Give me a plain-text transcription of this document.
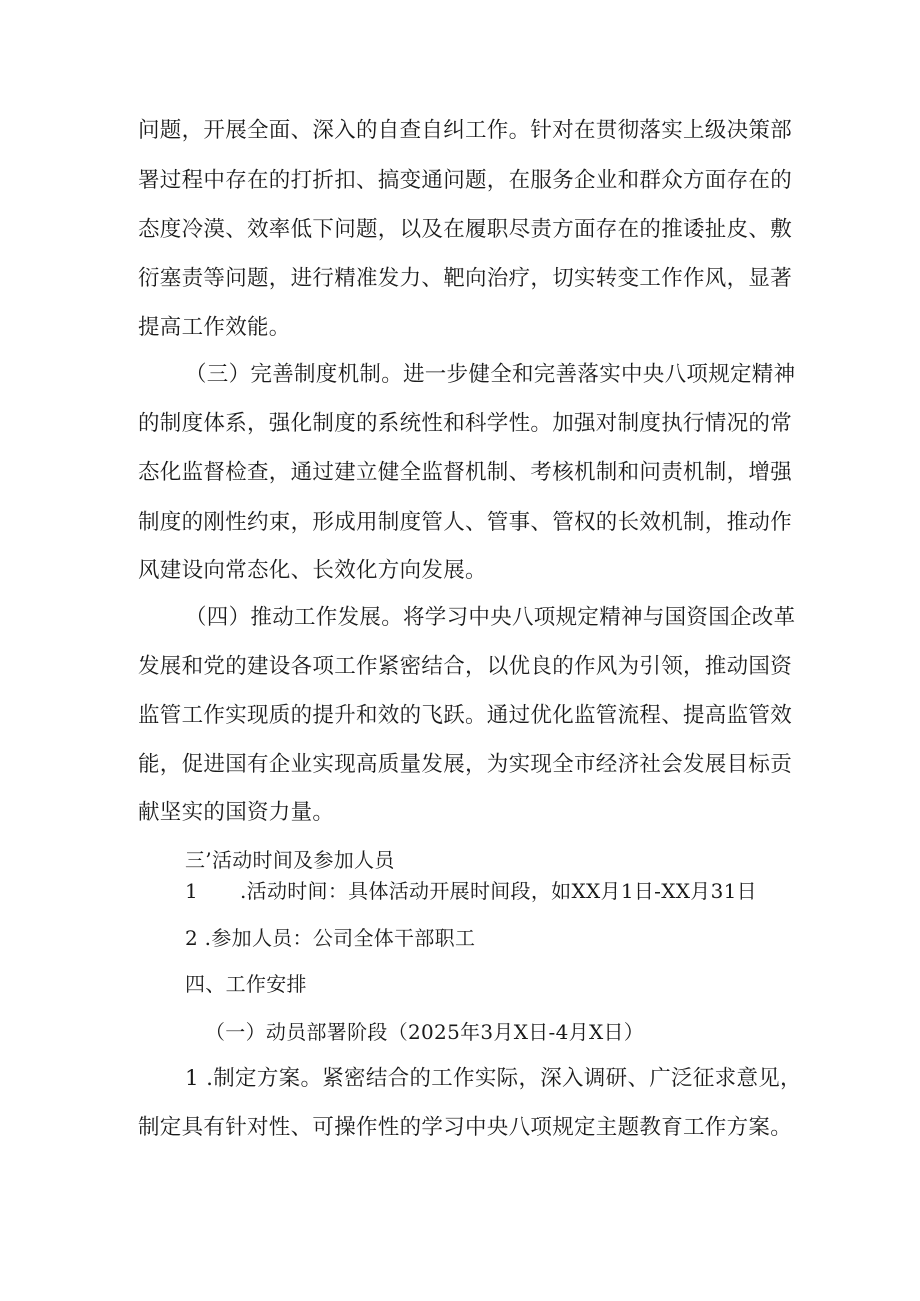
问题，开展全面、深入的自查自纠工作。针对在贯彻落实上级决策部
署过程中存在的打折扣、搞变通问题，在服务企业和群众方面存在的
态度冷漠、效率低下问题，以及在履职尽责方面存在的推诿扯皮、敷
衍塞责等问题，进行精准发力、靶向治疗，切实转变工作作风，显著
提高工作效能。
（三）完善制度机制。进一步健全和完善落实中央八项规定精神
的制度体系，强化制度的系统性和科学性。加强对制度执行情况的常
态化监督检查，通过建立健全监督机制、考核机制和问责机制，增强
制度的刚性约束，形成用制度管人、管事、管权的长效机制，推动作
风建设向常态化、长效化方向发展。
（四）推动工作发展。将学习中央八项规定精神与国资国企改革
发展和党的建设各项工作紧密结合，以优良的作风为引领，推动国资
监管工作实现质的提升和效的飞跃。通过优化监管流程、提高监管效
能，促进国有企业实现高质量发展，为实现全市经济社会发展目标贡
献坚实的国资力量。
三’活动时间及参加人员
1 .活动时间：具体活动开展时间段，如XX月1日-XX月31日
2 .参加人员：公司全体干部职工
四、工作安排
（一）动员部署阶段（2025年3月X日-4月X日）
1 .制定方案。紧密结合的工作实际，深入调研、广泛征求意见，
制定具有针对性、可操作性的学习中央八项规定主题教育工作方案。
